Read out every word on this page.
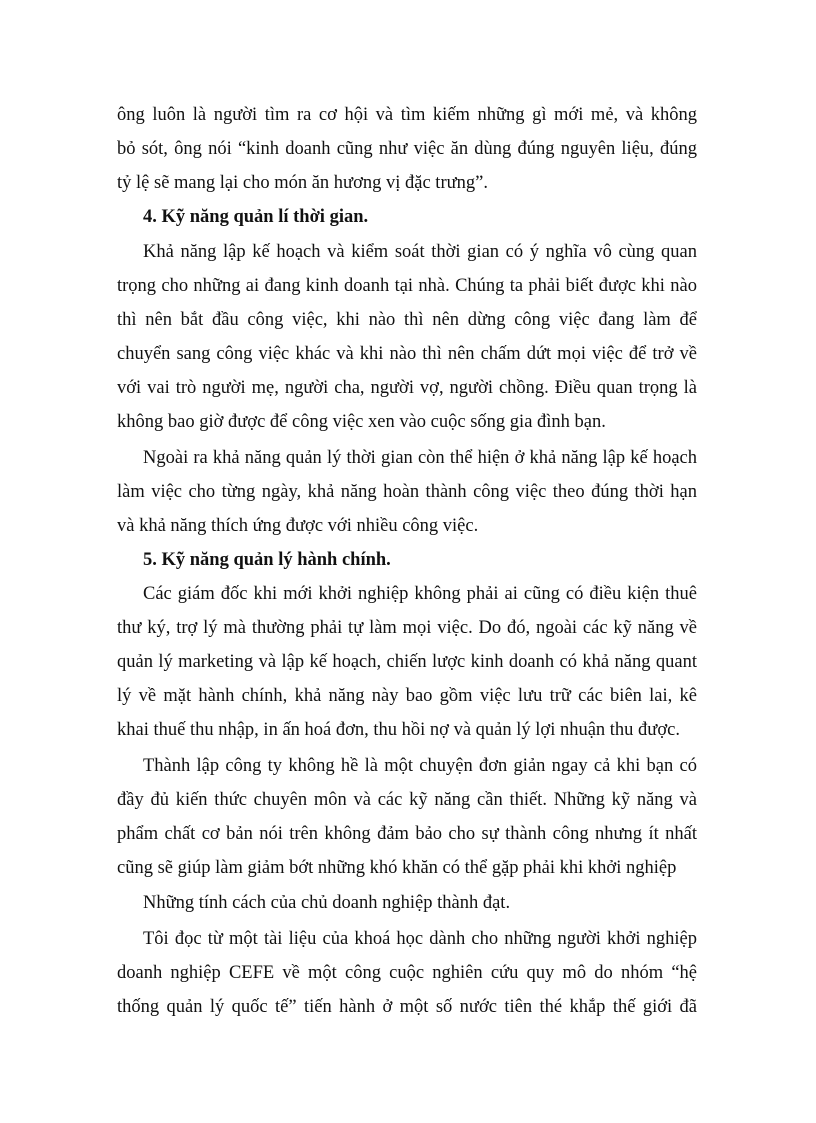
ông luôn là người tìm ra cơ hội và tìm kiếm những gì mới mẻ, và không
bỏ sót, ông nói “kinh doanh cũng như việc ăn dùng đúng nguyên liệu, đúng
tỷ lệ sẽ mang lại cho món ăn hương vị đặc trưng”.
4. Kỹ năng quản lí thời gian.
Khả năng lập kế hoạch và kiểm soát thời gian có ý nghĩa vô cùng quan
trọng cho những ai đang kinh doanh tại nhà. Chúng ta phải biết được khi nào
thì nên bắt đầu công việc, khi nào thì nên dừng công việc đang làm để
chuyển sang công việc khác và khi nào thì nên chấm dứt mọi việc để trở về
với vai trò người mẹ, người cha, người vợ, người chồng. Điều quan trọng là
không bao giờ được để công việc xen vào cuộc sống gia đình bạn.
Ngoài ra khả năng quản lý thời gian còn thể hiện ở khả năng lập kế hoạch
làm việc cho từng ngày, khả năng hoàn thành công việc theo đúng thời hạn
và khả năng thích ứng được với nhiều công việc.
5. Kỹ năng quản lý hành chính.
Các giám đốc khi mới khởi nghiệp không phải ai cũng có điều kiện thuê
thư ký, trợ lý mà thường phải tự làm mọi việc. Do đó, ngoài các kỹ năng về
quản lý marketing và lập kế hoạch, chiến lược kinh doanh có khả năng quant
lý về mặt hành chính, khả năng này bao gồm việc lưu trữ các biên lai, kê
khai thuế thu nhập, in ấn hoá đơn, thu hồi nợ và quản lý lợi nhuận thu được.
Thành lập công ty không hề là một chuyện đơn giản ngay cả khi bạn có
đầy đủ kiến thức chuyên môn và các kỹ năng cần thiết. Những kỹ năng và
phẩm chất cơ bản nói trên không đảm bảo cho sự thành công nhưng ít nhất
cũng sẽ giúp làm giảm bớt những khó khăn có thể gặp phải khi khởi nghiệp
Những tính cách của chủ doanh nghiệp thành đạt.
Tôi đọc từ một tài liệu của khoá học dành cho những người khởi nghiệp
doanh nghiệp CEFE về một công cuộc nghiên cứu quy mô do nhóm “hệ
thống quản lý quốc tế” tiến hành ở một số nước tiên thé khắp thế giới đã
